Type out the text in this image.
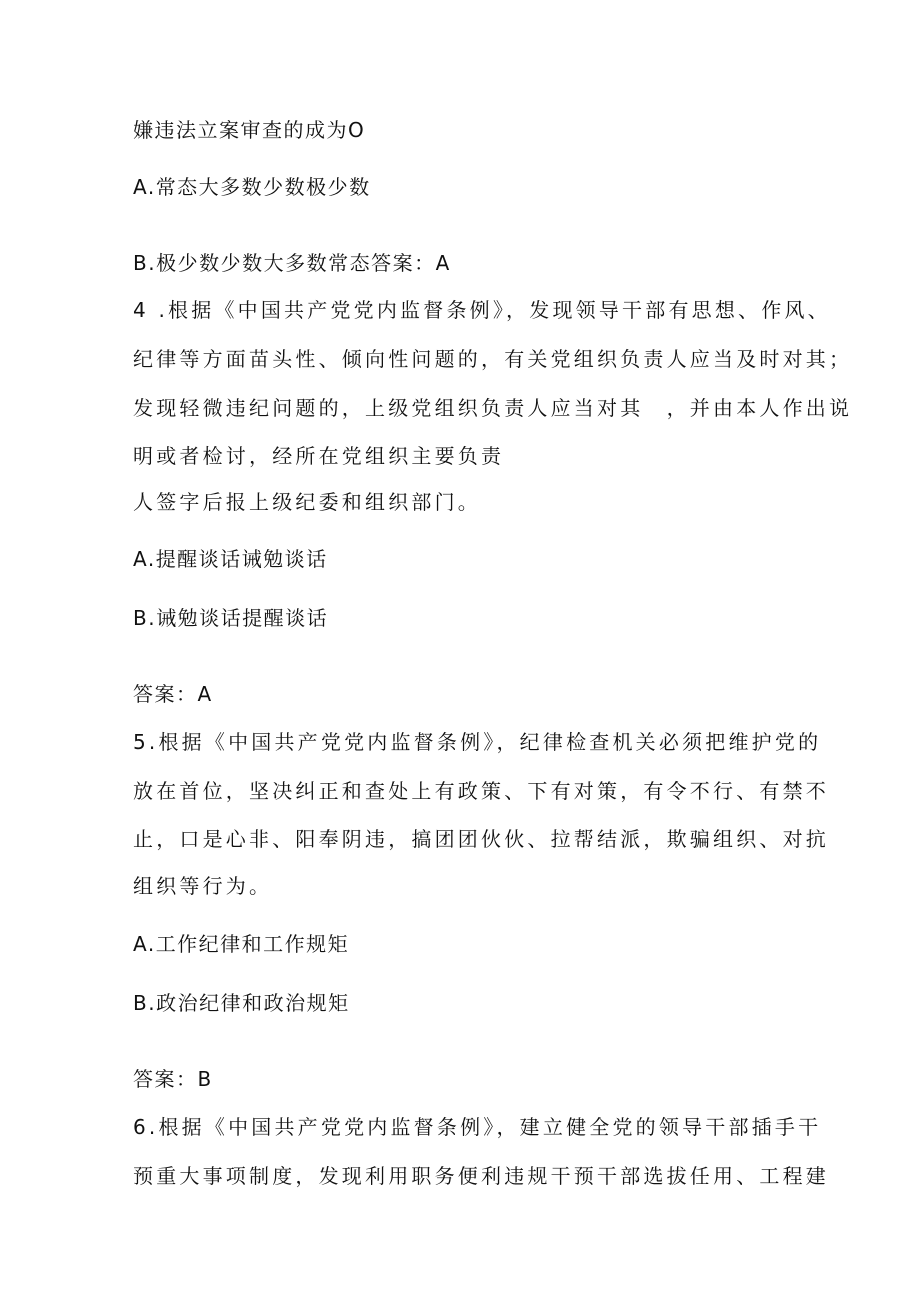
嫌违法立案审查的成为O
A.常态大多数少数极少数
B.极少数少数大多数常态答案：A
4 .根据《中国共产党党内监督条例》，发现领导干部有思想、作风、
纪律等方面苗头性、倾向性问题的，有关党组织负责人应当及时对其；
发现轻微违纪问题的，上级党组织负责人应当对其　，并由本人作出说
明或者检讨，经所在党组织主要负责
人签字后报上级纪委和组织部门。
A.提醒谈话诫勉谈话
B.诫勉谈话提醒谈话
答案：A
5.根据《中国共产党党内监督条例》，纪律检查机关必须把维护党的
放在首位，坚决纠正和查处上有政策、下有对策，有令不行、有禁不
止，口是心非、阳奉阴违，搞团团伙伙、拉帮结派，欺骗组织、对抗
组织等行为。
A.工作纪律和工作规矩
B.政治纪律和政治规矩
答案：B
6.根据《中国共产党党内监督条例》，建立健全党的领导干部插手干
预重大事项制度，发现利用职务便利违规干预干部选拔任用、工程建
